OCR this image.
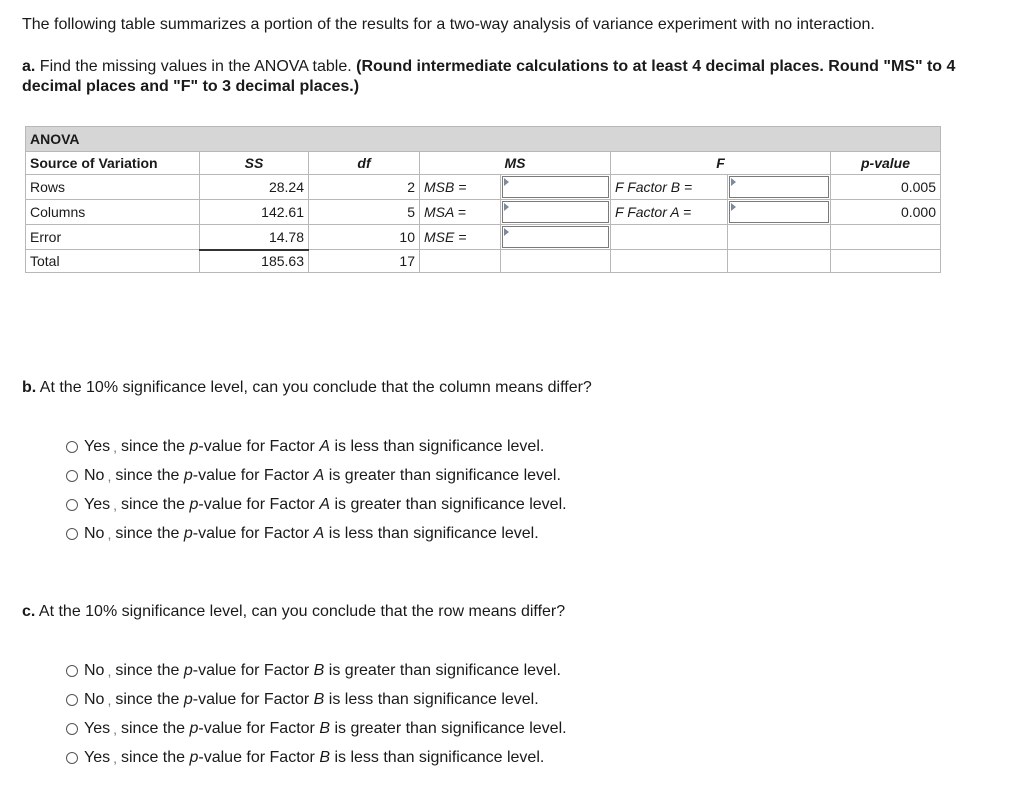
The following table summarizes a portion of the results for a two-way analysis of variance experiment with no interaction.
a. Find the missing values in the ANOVA table. (Round intermediate calculations to at least 4 decimal places. Round "MS" to 4 decimal places and "F" to 3 decimal places.)
ANOVA							
Source of Variation	SS	df	MS		F		p-value
Rows	28.24	2	MSB =		F Factor B =		0.005
Columns	142.61	5	MSA =		F Factor A =		0.000
Error	14.78	10	MSE =	

Total	185.63	17					
b. At the 10% significance level, can you conclude that the column means differ?
Yes , since the p -value for Factor A is less than significance level.
No , since the p -value for Factor A is greater than significance level.
Yes , since the p -value for Factor A is greater than significance level.
No , since the p -value for Factor A is less than significance level.
c. At the 10% significance level, can you conclude that the row means differ?
No , since the p -value for Factor B is greater than significance level.
No , since the p -value for Factor B is less than significance level.
Yes , since the p -value for Factor B is greater than significance level.
Yes , since the p -value for Factor B is less than significance level.
